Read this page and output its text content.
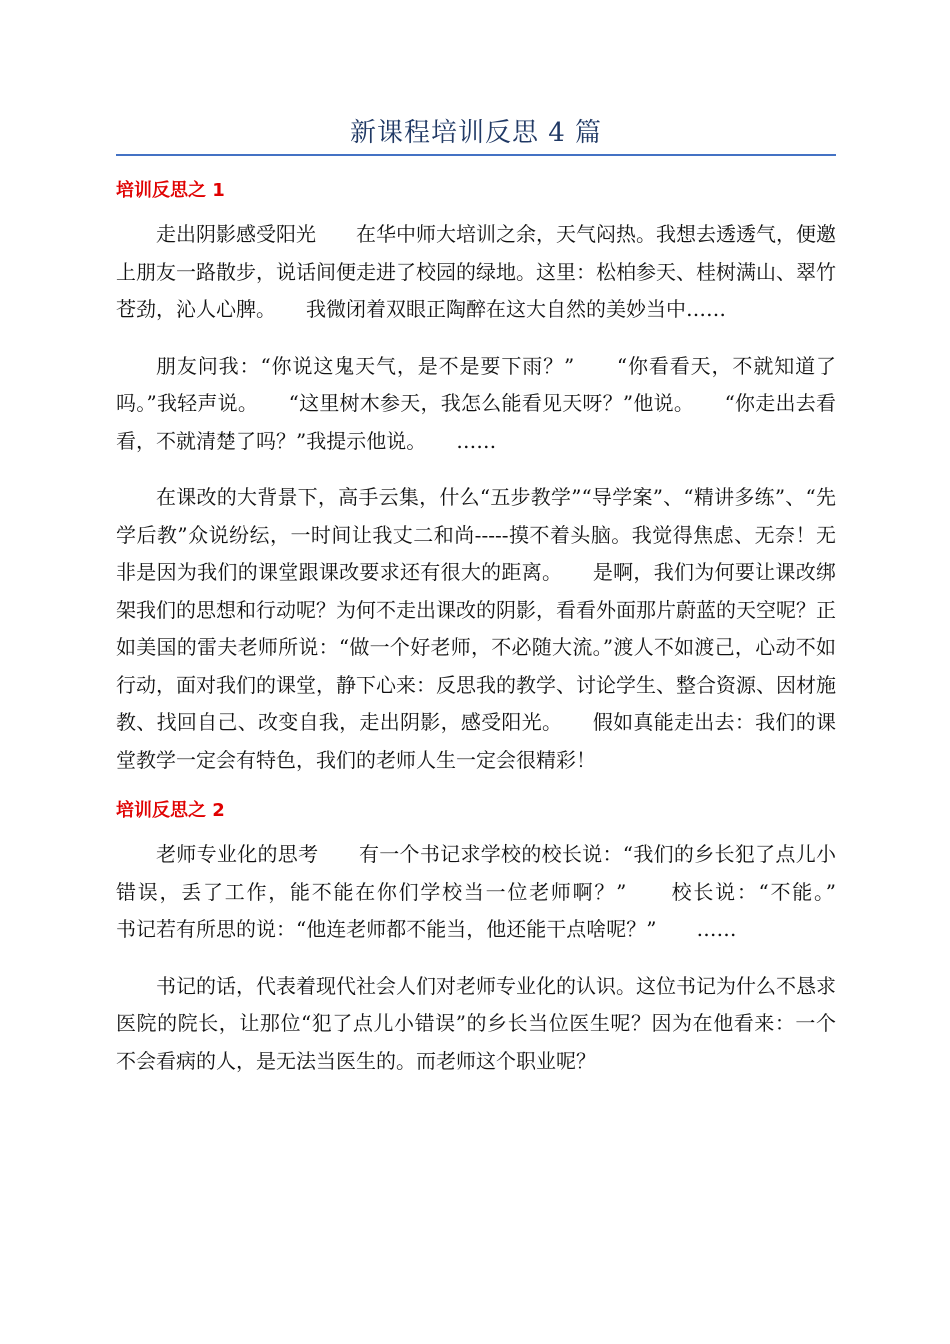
新课程培训反思 4 篇
培训反思之 1

走出阴影感受阳光　　在华中师大培训之余，天气闷热。我想去透透气，便邀上朋友一路散步，说话间便走进了校园的绿地。这里：松柏参天、桂树满山、翠竹苍劲，沁人心脾。　　我微闭着双眼正陶醉在这大自然的美妙当中……

朋友问我：“你说这鬼天气，是不是要下雨？”　　“你看看天，不就知道了吗。”我轻声说。　　“这里树木参天，我怎么能看见天呀？”他说。　　“你走出去看看，不就清楚了吗？”我提示他说。　　……

在课改的大背景下，高手云集，什么“五步教学”“导学案”、“精讲多练”、“先学后教”众说纷纭，一时间让我丈二和尚-----摸不着头脑。我觉得焦虑、无奈！无非是因为我们的课堂跟课改要求还有很大的距离。　　是啊，我们为何要让课改绑架我们的思想和行动呢？为何不走出课改的阴影，看看外面那片蔚蓝的天空呢？正如美国的雷夫老师所说：“做一个好老师，不必随大流。”渡人不如渡己，心动不如行动，面对我们的课堂，静下心来：反思我的教学、讨论学生、整合资源、因材施教、找回自己、改变自我，走出阴影，感受阳光。　　假如真能走出去：我们的课堂教学一定会有特色，我们的老师人生一定会很精彩！

培训反思之 2

老师专业化的思考　　有一个书记求学校的校长说：“我们的乡长犯了点儿小错误，丢了工作，能不能在你们学校当一位老师啊？”　　校长说：“不能。”　　书记若有所思的说：“他连老师都不能当，他还能干点啥呢？”　　……

书记的话，代表着现代社会人们对老师专业化的认识。这位书记为什么不恳求医院的院长，让那位“犯了点儿小错误”的乡长当位医生呢？因为在他看来：一个不会看病的人，是无法当医生的。而老师这个职业呢？
